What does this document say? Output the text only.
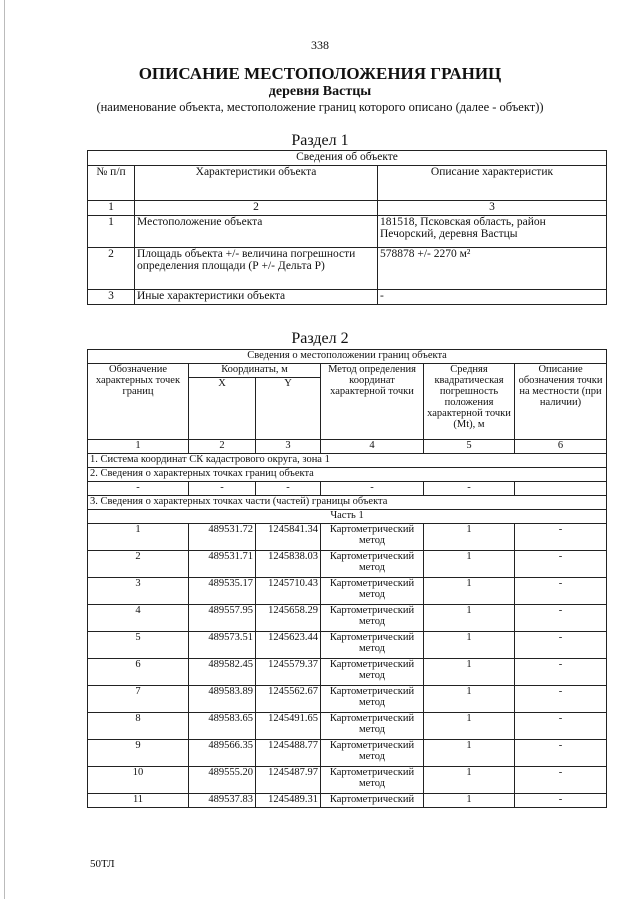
338
ОПИСАНИЕ МЕСТОПОЛОЖЕНИЯ ГРАНИЦ
деревня Вастцы
(наименование объекта, местоположение границ которого описано (далее - объект))
Раздел 1
Сведения об объекте		
№ п/п	Характеристики объекта	Описание характеристик
1	2	3
1	Местоположение объекта	181518, Псковская область, район Печорский, деревня Вастцы
2	Площадь объекта +/- величина погрешности определения площади (Р +/- Дельта Р)	578878 +/- 2270 м²
3	Иные характеристики объекта	-
Раздел 2
Сведения о местоположении границ объекта					
Обозначение характерных точек границ	Координаты, м		Метод определения координат характерной точки	Средняя квадратическая погрешность положения характерной точки (Mt), м	Описание обозначения точки на местности (при наличии)
	X	Y			
1	2	3	4	5	6
1. Система координат СК кадастрового округа, зона 1					
2. Сведения о характерных точках границ объекта					
-	-	-	-	-	
3. Сведения о характерных точках части (частей) границы объекта					
Часть 1					
1	489531.72	1245841.34	Картометрический метод	1	-
2	489531.71	1245838.03	Картометрический метод	1	-
3	489535.17	1245710.43	Картометрический метод	1	-
4	489557.95	1245658.29	Картометрический метод	1	-
5	489573.51	1245623.44	Картометрический метод	1	-
6	489582.45	1245579.37	Картометрический метод	1	-
7	489583.89	1245562.67	Картометрический метод	1	-
8	489583.65	1245491.65	Картометрический метод	1	-
9	489566.35	1245488.77	Картометрический метод	1	-
10	489555.20	1245487.97	Картометрический метод	1	-
11	489537.83	1245489.31	Картометрический	1	-
50ТЛ
